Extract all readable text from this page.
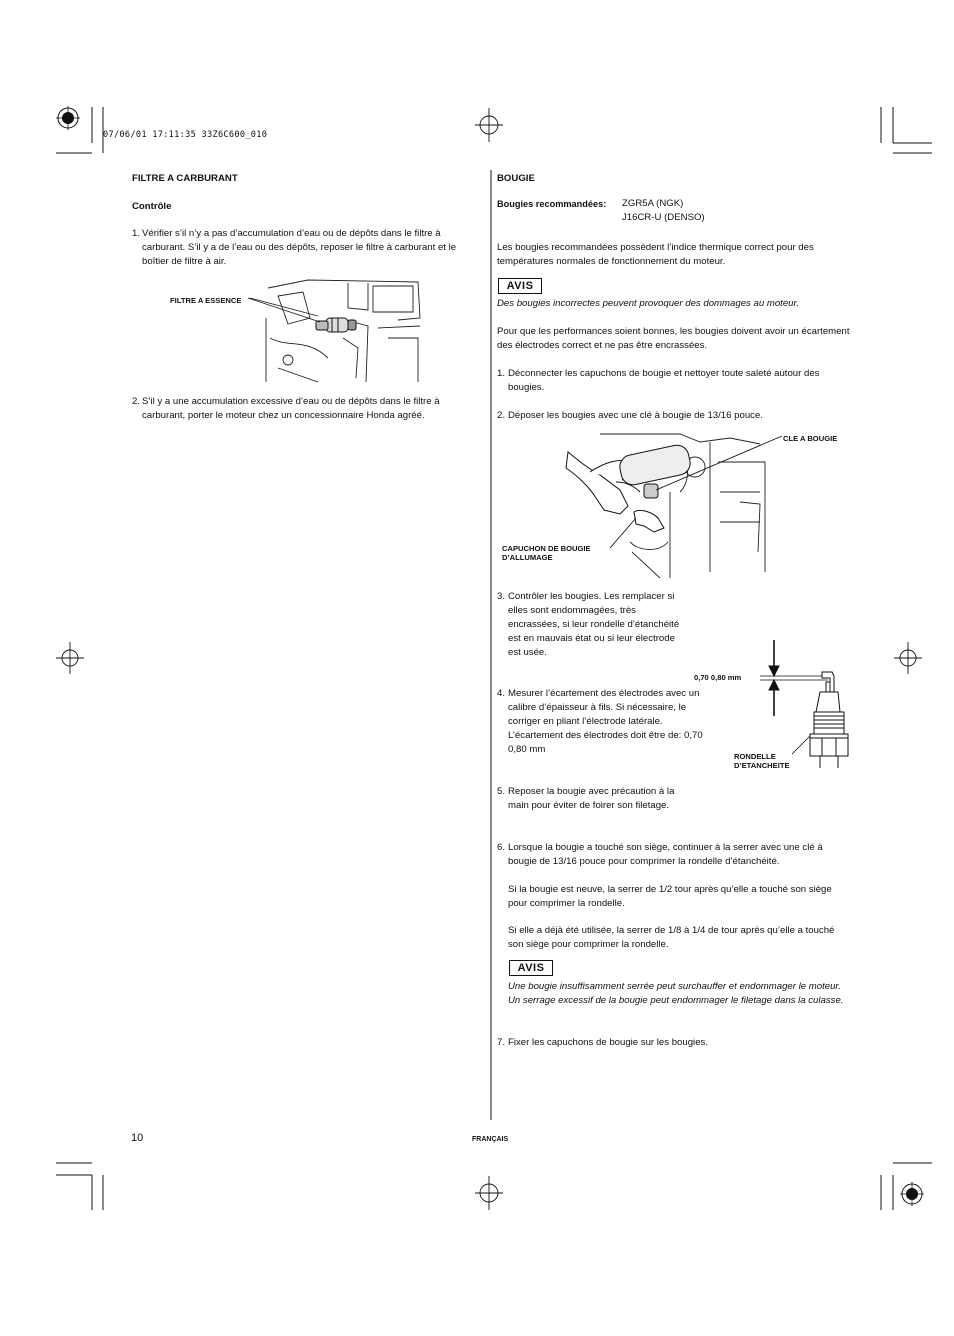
07/06/01 17:11:35 33Z6C600_010
FILTRE A CARBURANT
Contrôle
1. Vérifier s’il n’y a pas d’accumulation d’eau ou de dépôts dans le filtre à carburant. S’il y a de l’eau ou des dépôts, reposer le filtre à carburant et le boîtier de filtre à air.
FILTRE A ESSENCE
2. S’il y a une accumulation excessive d’eau ou de dépôts dans le filtre à carburant, porter le moteur chez un concessionnaire Honda agréé.
BOUGIE
Bougies recommandées: ZGR5A (NGK)
J16CR-U (DENSO)
Les bougies recommandées possèdent l’indice thermique correct pour des températures normales de fonctionnement du moteur.
AVIS
Des bougies incorrectes peuvent provoquer des dommages au moteur.
Pour que les performances soient bonnes, les bougies doivent avoir un écartement des électrodes correct et ne pas être encrassées.
1. Déconnecter les capuchons de bougie et nettoyer toute saleté autour des bougies.
2. Déposer les bougies avec une clé à bougie de 13/16 pouce.
CLE A BOUGIE
CAPUCHON DE BOUGIE D’ALLUMAGE
3. Contrôler les bougies. Les remplacer si elles sont endommagées, très encrassées, si leur rondelle d’étanchéité est en mauvais état ou si leur électrode est usée.
4. Mesurer l’écartement des électrodes avec un calibre d’épaisseur à fils. Si nécessaire, le corriger en pliant l’électrode latérale. L’écartement des électrodes doit être de: 0,70 0,80 mm
0,70 0,80 mm
RONDELLE D’ETANCHEITE
5. Reposer la bougie avec précaution à la main pour éviter de foirer son filetage.
6. Lorsque la bougie a touché son siège, continuer à la serrer avec une clé à bougie de 13/16 pouce pour comprimer la rondelle d’étanchéité.
Si la bougie est neuve, la serrer de 1/2 tour après qu’elle a touché son siège pour comprimer la rondelle.
Si elle a déjà été utilisée, la serrer de 1/8 à 1/4 de tour après qu’elle a touché son siège pour comprimer la rondelle.
AVIS
Une bougie insuffisamment serrée peut surchauffer et endommager le moteur. Un serrage excessif de la bougie peut endommager le filetage dans la culasse.
7. Fixer les capuchons de bougie sur les bougies.
10	FRANÇAIS
